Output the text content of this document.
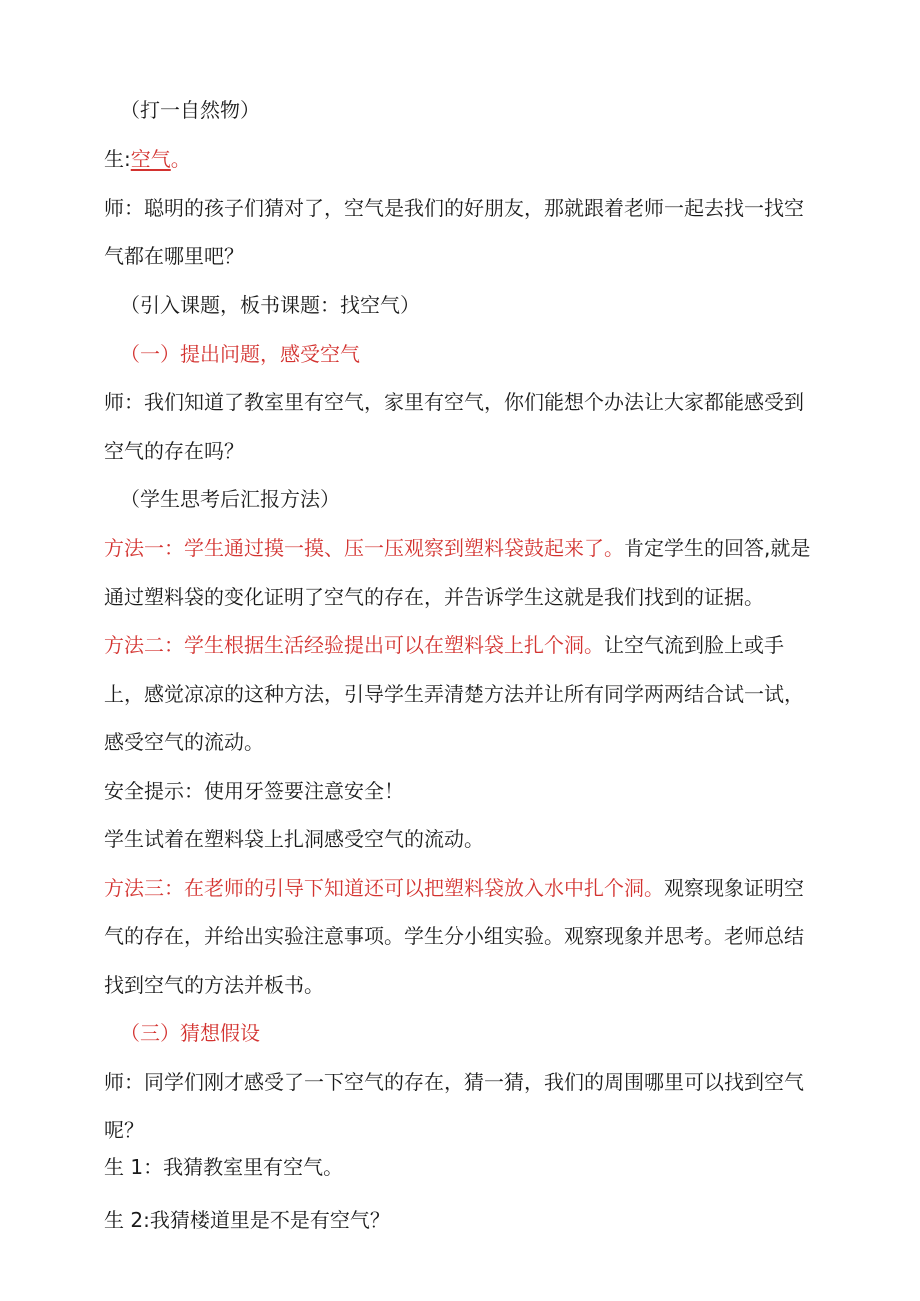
（打一自然物）

生:空气。

师：聪明的孩子们猜对了，空气是我们的好朋友，那就跟着老师一起去找一找空

气都在哪里吧？

（引入课题，板书课题：找空气）

（一）提出问题，感受空气

师：我们知道了教室里有空气，家里有空气，你们能想个办法让大家都能感受到

空气的存在吗？

（学生思考后汇报方法）

方法一：学生通过摸一摸、压一压观察到塑料袋鼓起来了。肯定学生的回答,就是

通过塑料袋的变化证明了空气的存在，并告诉学生这就是我们找到的证据。

方法二：学生根据生活经验提出可以在塑料袋上扎个洞。让空气流到脸上或手

上，感觉凉凉的这种方法，引导学生弄清楚方法并让所有同学两两结合试一试，

感受空气的流动。

安全提示：使用牙签要注意安全！

学生试着在塑料袋上扎洞感受空气的流动。

方法三：在老师的引导下知道还可以把塑料袋放入水中扎个洞。观察现象证明空

气的存在，并给出实验注意事项。学生分小组实验。观察现象并思考。老师总结

找到空气的方法并板书。

（三）猜想假设

师：同学们刚才感受了一下空气的存在，猜一猜，我们的周围哪里可以找到空气

呢？

生 1：我猜教室里有空气。

生 2:我猜楼道里是不是有空气？
